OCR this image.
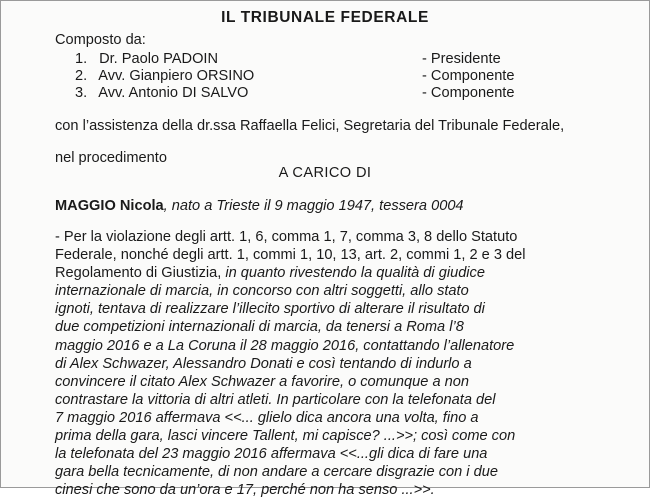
IL TRIBUNALE FEDERALE
Composto da:
1. Dr. Paolo PADOIN	- Presidente
2. Avv. Gianpiero ORSINO	- Componente
3. Avv. Antonio DI SALVO	- Componente
con l’assistenza della dr.ssa Raffaella Felici, Segretaria del Tribunale Federale,
nel procedimento
A CARICO DI
MAGGIO Nicola, nato a Trieste il 9 maggio 1947, tessera 0004
- Per la violazione degli artt. 1, 6, comma 1, 7, comma 3, 8 dello Statuto
Federale, nonché degli artt. 1, commi 1, 10, 13, art. 2, commi 1, 2 e 3 del
Regolamento di Giustizia, in quanto rivestendo la qualità di giudice
internazionale di marcia, in concorso con altri soggetti, allo stato
ignoti, tentava di realizzare l’illecito sportivo di alterare il risultato di
due competizioni internazionali di marcia, da tenersi a Roma l’8
maggio 2016 e a La Coruna il 28 maggio 2016, contattando l’allenatore
di Alex Schwazer, Alessandro Donati e così tentando di indurlo a
convincere il citato Alex Schwazer a favorire, o comunque a non
contrastare la vittoria di altri atleti. In particolare con la telefonata del
7 maggio 2016 affermava <<... glielo dica ancora una volta, fino a
prima della gara, lasci vincere Tallent, mi capisce? ...>>; così come con
la telefonata del 23 maggio 2016 affermava <<...gli dica di fare una
gara bella tecnicamente, di non andare a cercare disgrazie con i due
cinesi che sono da un’ora e 17, perché non ha senso ...>>.
